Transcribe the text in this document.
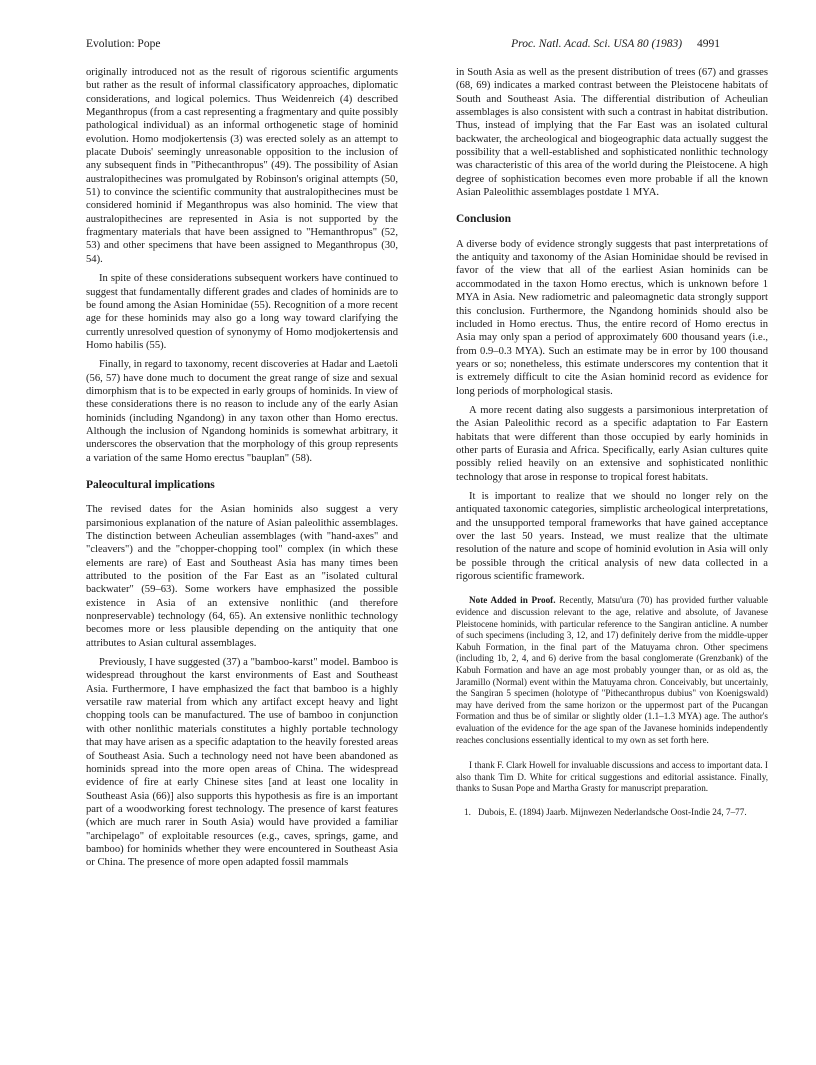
Evolution: Pope	Proc. Natl. Acad. Sci. USA 80 (1983) 4991

originally introduced not as the result of rigorous scientific arguments but rather as the result of informal classificatory approaches, diplomatic considerations, and logical polemics. Thus Weidenreich (4) described Meganthropus (from a cast representing a fragmentary and quite possibly pathological individual) as an informal orthogenetic stage of hominid evolution. Homo modjokertensis (3) was erected solely as an attempt to placate Dubois' seemingly unreasonable opposition to the inclusion of any subsequent finds in "Pithecanthropus" (49). The possibility of Asian australopithecines was promulgated by Robinson's original attempts (50, 51) to convince the scientific community that australopithecines must be considered hominid if Meganthropus was also hominid. The view that australopithecines are represented in Asia is not supported by the fragmentary materials that have been assigned to "Hemanthropus" (52, 53) and other specimens that have been assigned to Meganthropus (30, 54).

In spite of these considerations subsequent workers have continued to suggest that fundamentally different grades and clades of hominids are to be found among the Asian Hominidae (55). Recognition of a more recent age for these hominids may also go a long way toward clarifying the currently unresolved question of synonymy of Homo modjokertensis and Homo habilis (55).

Finally, in regard to taxonomy, recent discoveries at Hadar and Laetoli (56, 57) have done much to document the great range of size and sexual dimorphism that is to be expected in early groups of hominids. In view of these considerations there is no reason to include any of the early Asian hominids (including Ngandong) in any taxon other than Homo erectus. Although the inclusion of Ngandong hominids is somewhat arbitrary, it underscores the observation that the morphology of this group represents a variation of the same Homo erectus "bauplan" (58).

Paleocultural implications

The revised dates for the Asian hominids also suggest a very parsimonious explanation of the nature of Asian paleolithic assemblages. The distinction between Acheulian assemblages (with "hand-axes" and "cleavers") and the "chopper-chopping tool" complex (in which these elements are rare) of East and Southeast Asia has many times been attributed to the position of the Far East as an "isolated cultural backwater" (59–63). Some workers have emphasized the possible existence in Asia of an extensive nonlithic (and therefore nonpreservable) technology (64, 65). An extensive nonlithic technology becomes more or less plausible depending on the antiquity that one attributes to Asian cultural assemblages.

Previously, I have suggested (37) a "bamboo-karst" model. Bamboo is widespread throughout the karst environments of East and Southeast Asia. Furthermore, I have emphasized the fact that bamboo is a highly versatile raw material from which any artifact except heavy and light chopping tools can be manufactured. The use of bamboo in conjunction with other nonlithic materials constitutes a highly portable technology that may have arisen as a specific adaptation to the heavily forested areas of Southeast Asia. Such a technology need not have been abandoned as hominids spread into the more open areas of China. The widespread evidence of fire at early Chinese sites [and at least one locality in Southeast Asia (66)] also supports this hypothesis as fire is an important part of a woodworking forest technology. The presence of karst features (which are much rarer in South Asia) would have provided a familiar "archipelago" of exploitable resources (e.g., caves, springs, game, and bamboo) for hominids whether they were encountered in Southeast Asia or China. The presence of more open adapted fossil mammals

in South Asia as well as the present distribution of trees (67) and grasses (68, 69) indicates a marked contrast between the Pleistocene habitats of South and Southeast Asia. The differential distribution of Acheulian assemblages is also consistent with such a contrast in habitat distribution. Thus, instead of implying that the Far East was an isolated cultural backwater, the archeological and biogeographic data actually suggest the possibility that a well-established and sophisticated nonlithic technology was characteristic of this area of the world during the Pleistocene. A high degree of sophistication becomes even more probable if all the known Asian Paleolithic assemblages postdate 1 MYA.

Conclusion

A diverse body of evidence strongly suggests that past interpretations of the antiquity and taxonomy of the Asian Hominidae should be revised in favor of the view that all of the earliest Asian hominids can be accommodated in the taxon Homo erectus, which is unknown before 1 MYA in Asia. New radiometric and paleomagnetic data strongly support this conclusion. Furthermore, the Ngandong hominids should also be included in Homo erectus. Thus, the entire record of Homo erectus in Asia may only span a period of approximately 600 thousand years (i.e., from 0.9–0.3 MYA). Such an estimate may be in error by 100 thousand years or so; nonetheless, this estimate underscores my contention that it is extremely difficult to cite the Asian hominid record as evidence for long periods of morphological stasis.

A more recent dating also suggests a parsimonious interpretation of the Asian Paleolithic record as a specific adaptation to Far Eastern habitats that were different than those occupied by early hominids in other parts of Eurasia and Africa. Specifically, early Asian cultures quite possibly relied heavily on an extensive and sophisticated nonlithic technology that arose in response to tropical forest habitats.

It is important to realize that we should no longer rely on the antiquated taxonomic categories, simplistic archeological interpretations, and the unsupported temporal frameworks that have gained acceptance over the last 50 years. Instead, we must realize that the ultimate resolution of the nature and scope of hominid evolution in Asia will only be possible through the critical analysis of new data collected in a rigorous scientific framework.

Note Added in Proof. Recently, Matsu'ura (70) has provided further valuable evidence and discussion relevant to the age, relative and absolute, of Javanese Pleistocene hominids, with particular reference to the Sangiran anticline. A number of such specimens (including 3, 12, and 17) definitely derive from the middle-upper Kabuh Formation, in the final part of the Matuyama chron. Other specimens (including 1b, 2, 4, and 6) derive from the basal conglomerate (Grenzbank) of the Kabuh Formation and have an age most probably younger than, or as old as, the Jaramillo (Normal) event within the Matuyama chron. Conceivably, but uncertainly, the Sangiran 5 specimen (holotype of "Pithecanthropus dubius" von Koenigswald) may have derived from the same horizon or the uppermost part of the Pucangan Formation and thus be of similar or slightly older (1.1–1.3 MYA) age. The author's evaluation of the evidence for the age span of the Javanese hominids independently reaches conclusions essentially identical to my own as set forth here.

I thank F. Clark Howell for invaluable discussions and access to important data. I also thank Tim D. White for critical suggestions and editorial assistance. Finally, thanks to Susan Pope and Martha Grasty for manuscript preparation.

1. Dubois, E. (1894) Jaarb. Mijnwezen Nederlandsche Oost-Indie 24, 7–77.
